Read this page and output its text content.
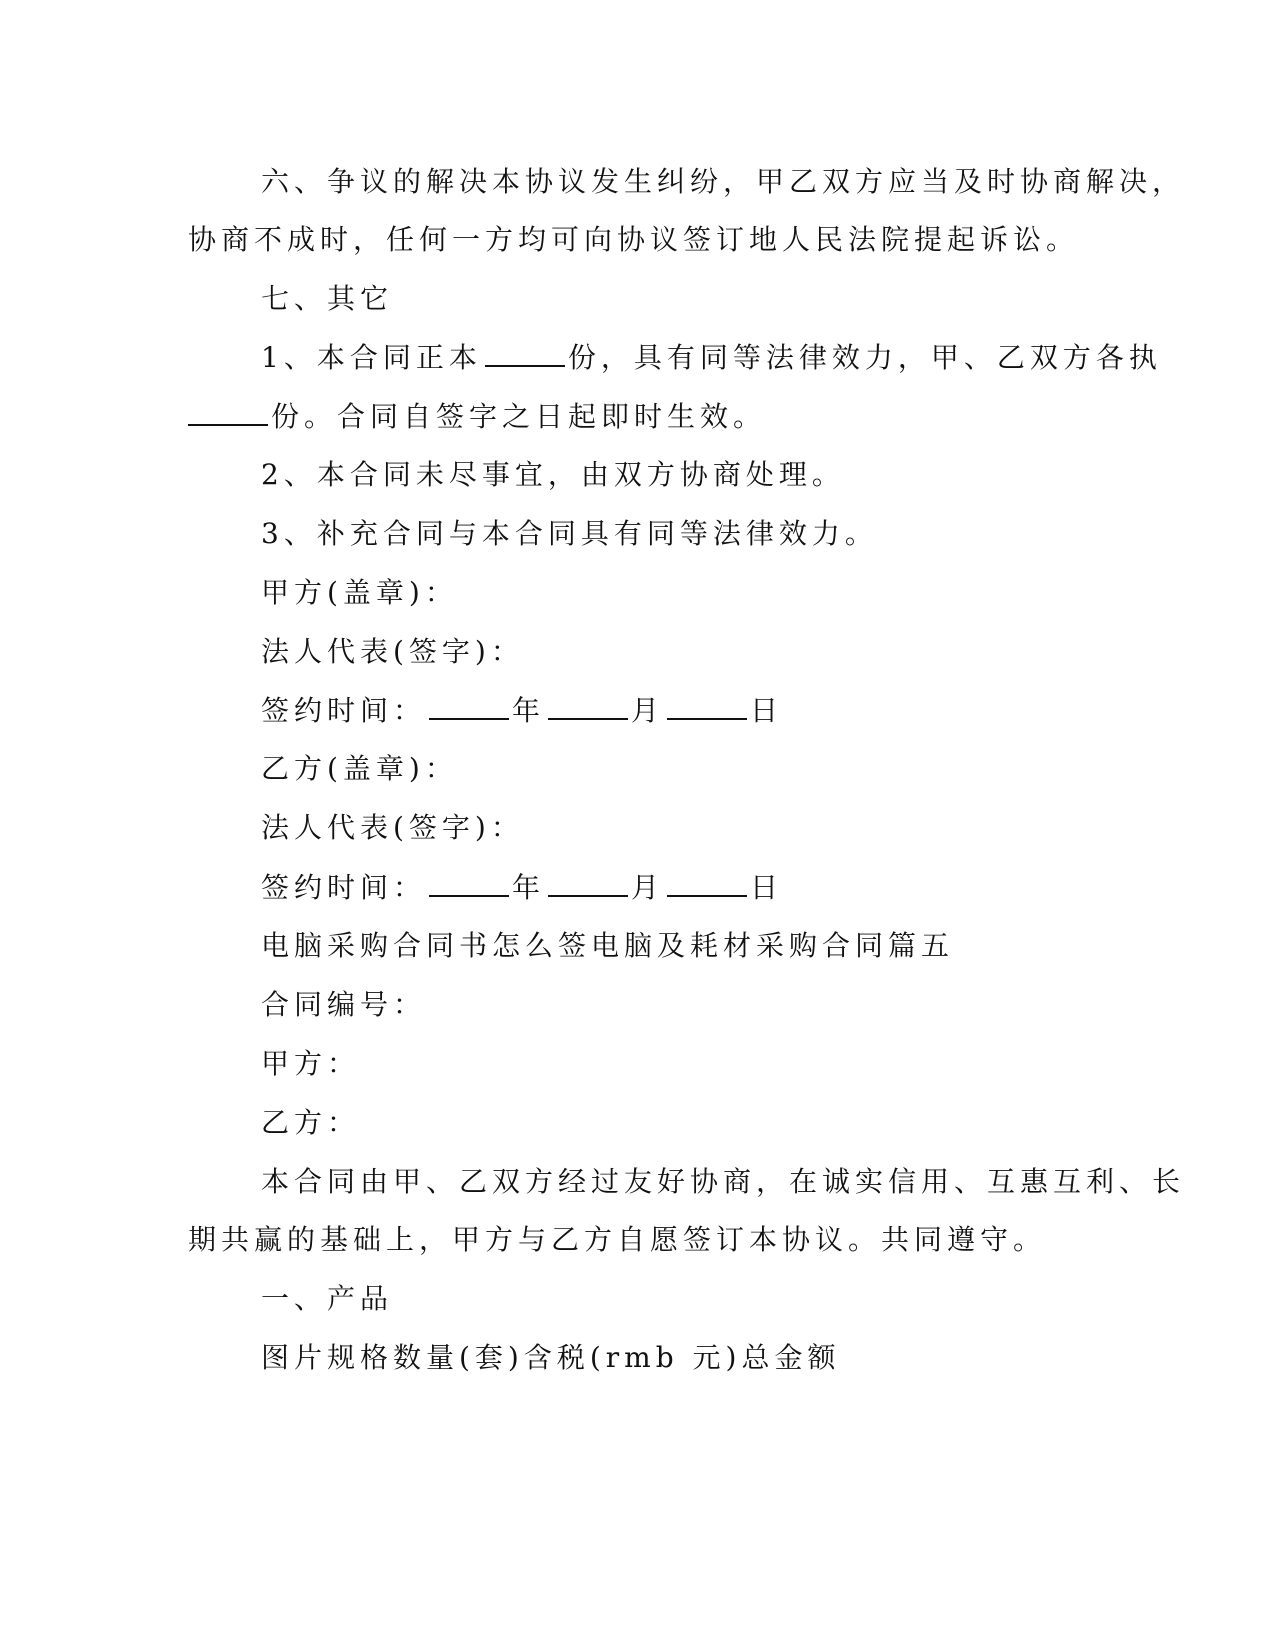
六、争议的解决本协议发生纠纷，甲乙双方应当及时协商解决，
协商不成时，任何一方均可向协议签订地人民法院提起诉讼。
七、其它
1、本合同正本	份，具有同等法律效力，甲、乙双方各执
份。合同自签字之日起即时生效。
2、本合同未尽事宜，由双方协商处理。
3、补充合同与本合同具有同等法律效力。
甲方(盖章)：
法人代表(签字)：
签约时间：	年	月	日
乙方(盖章)：
法人代表(签字)：
签约时间：	年	月	日
电脑采购合同书怎么签电脑及耗材采购合同篇五
合同编号：
甲方：
乙方：
本合同由甲、乙双方经过友好协商，在诚实信用、互惠互利、长
期共赢的基础上，甲方与乙方自愿签订本协议。共同遵守。
一、产品
图片规格数量(套)含税(rmb 元)总金额
